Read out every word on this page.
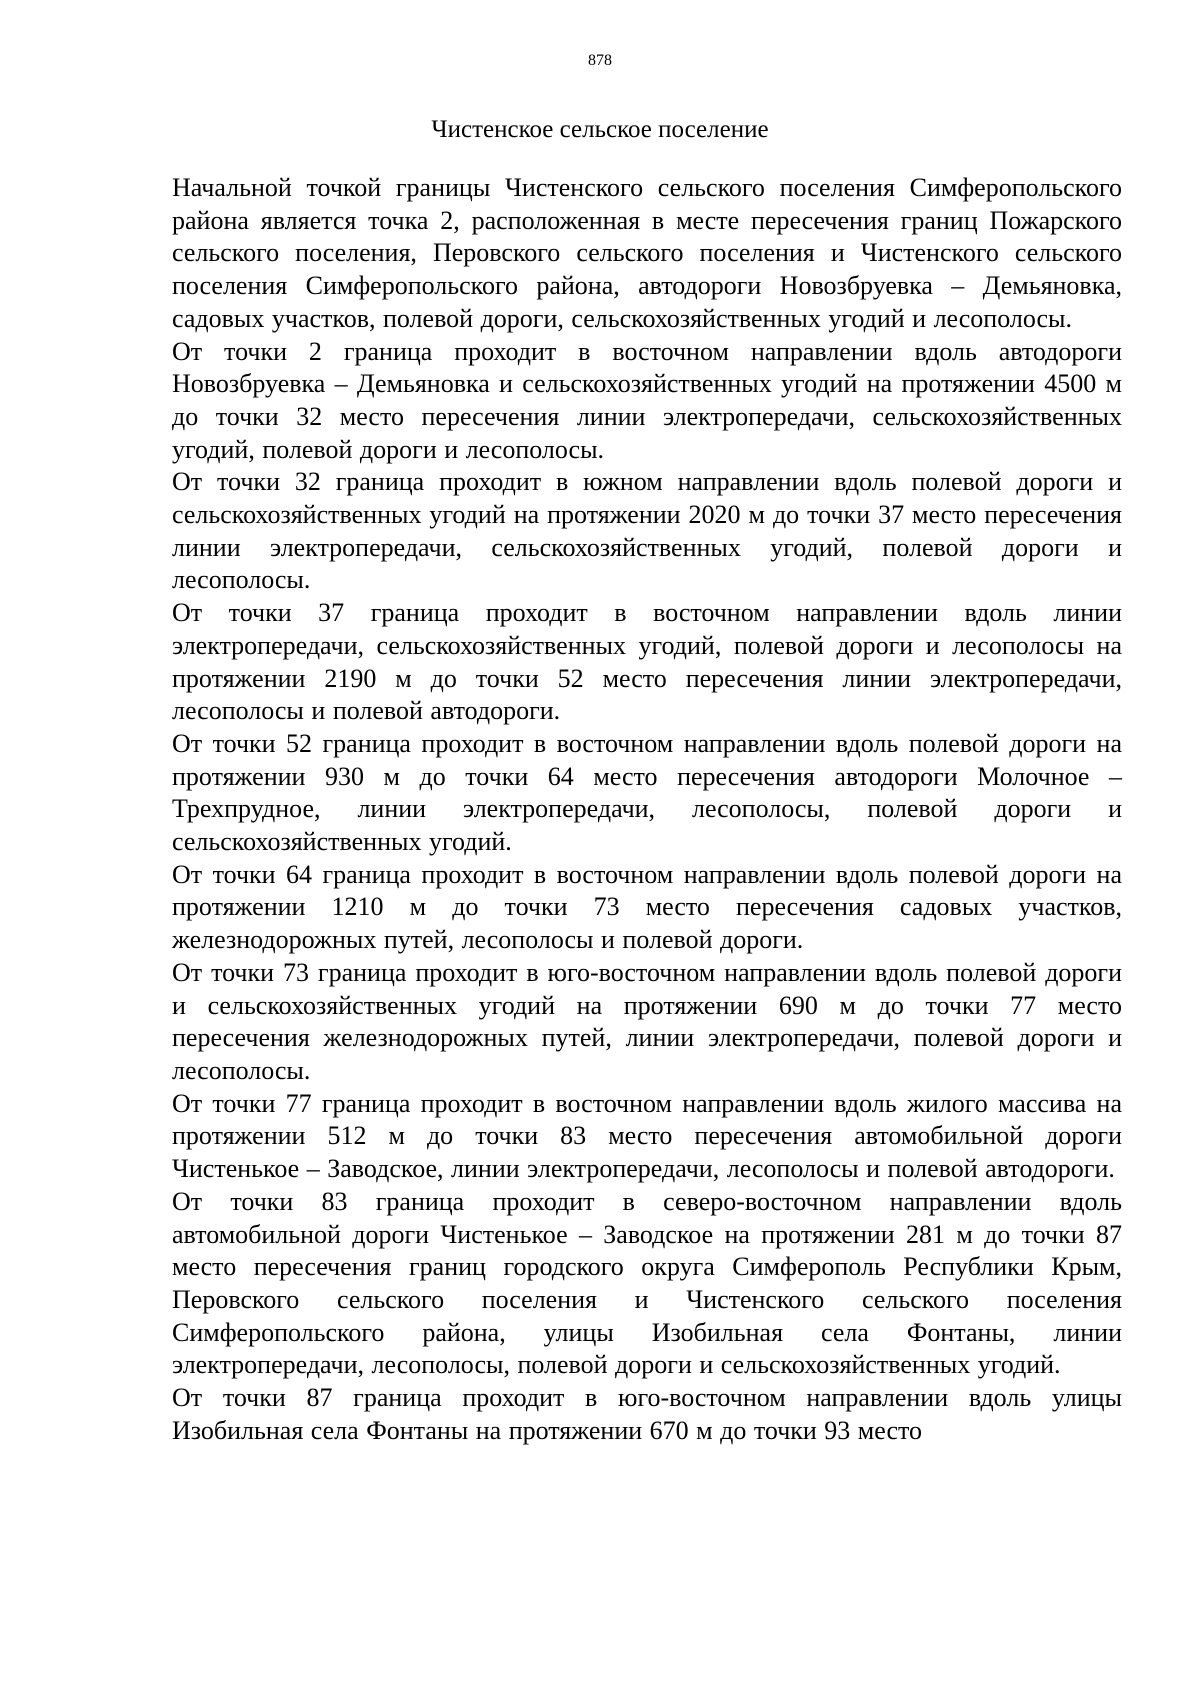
878
Чистенское сельское поселение

Начальной точкой границы Чистенского сельского поселения Симферопольского района является точка 2, расположенная в месте пересечения границ Пожарского сельского поселения, Перовского сельского поселения и Чистенского сельского поселения Симферопольского района, автодороги Новозбруевка – Демьяновка, садовых участков, полевой дороги, сельскохозяйственных угодий и лесополосы.

От точки 2 граница проходит в восточном направлении вдоль автодороги Новозбруевка – Демьяновка и сельскохозяйственных угодий на протяжении 4500 м до точки 32 место пересечения линии электропередачи, сельскохозяйственных угодий, полевой дороги и лесополосы.

От точки 32 граница проходит в южном направлении вдоль полевой дороги и сельскохозяйственных угодий на протяжении 2020 м до точки 37 место пересечения линии электропередачи, сельскохозяйственных угодий, полевой дороги и лесополосы.

От точки 37 граница проходит в восточном направлении вдоль линии электропередачи, сельскохозяйственных угодий, полевой дороги и лесополосы на протяжении 2190 м до точки 52 место пересечения линии электропередачи, лесополосы и полевой автодороги.

От точки 52 граница проходит в восточном направлении вдоль полевой дороги на протяжении 930 м до точки 64 место пересечения автодороги Молочное – Трехпрудное, линии электропередачи, лесополосы, полевой дороги и сельскохозяйственных угодий.

От точки 64 граница проходит в восточном направлении вдоль полевой дороги на протяжении 1210 м до точки 73 место пересечения садовых участков, железнодорожных путей, лесополосы и полевой дороги.

От точки 73 граница проходит в юго-восточном направлении вдоль полевой дороги и сельскохозяйственных угодий на протяжении 690 м до точки 77 место пересечения железнодорожных путей, линии электропередачи, полевой дороги и лесополосы.

От точки 77 граница проходит в восточном направлении вдоль жилого массива на протяжении 512 м до точки 83 место пересечения автомобильной дороги Чистенькое – Заводское, линии электропередачи, лесополосы и полевой автодороги.

От точки 83 граница проходит в северо-восточном направлении вдоль автомобильной дороги Чистенькое – Заводское на протяжении 281 м до точки 87 место пересечения границ городского округа Симферополь Республики Крым, Перовского сельского поселения и Чистенского сельского поселения Симферопольского района, улицы Изобильная села Фонтаны, линии электропередачи, лесополосы, полевой дороги и сельскохозяйственных угодий.

От точки 87 граница проходит в юго-восточном направлении вдоль улицы Изобильная села Фонтаны на протяжении 670 м до точки 93 место
